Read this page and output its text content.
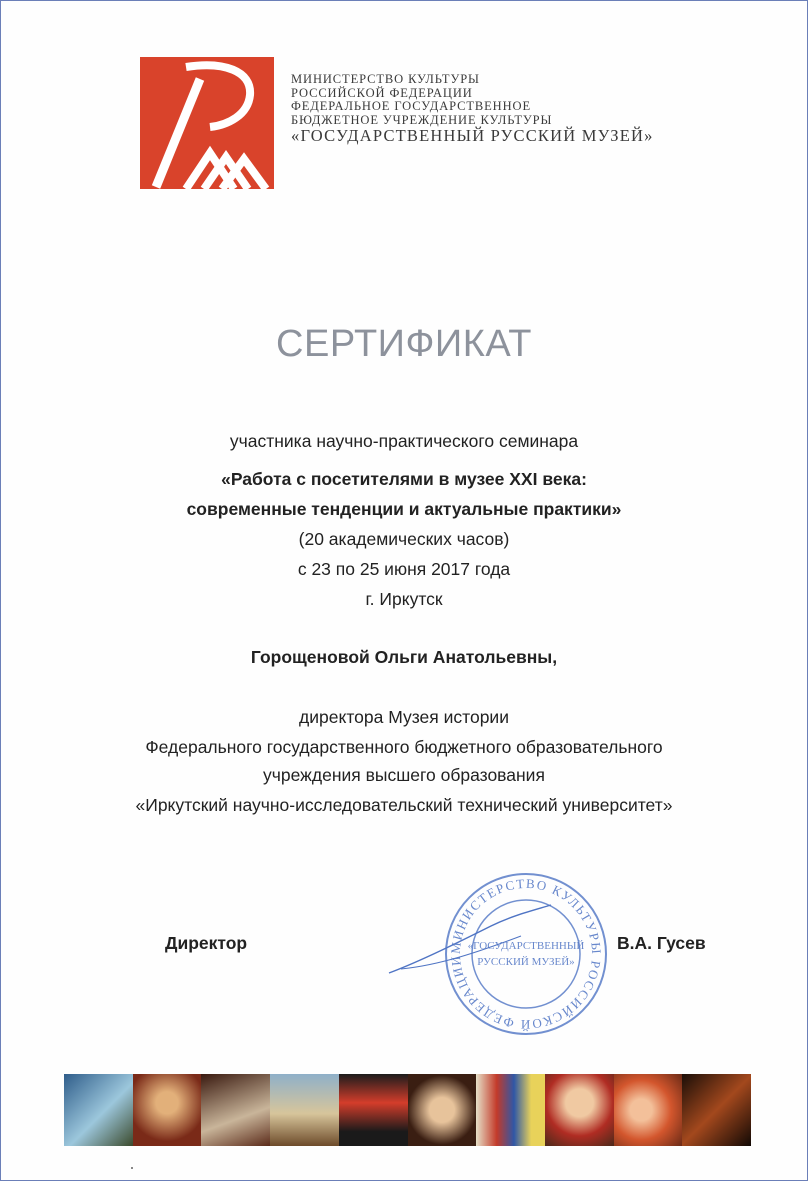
МИНИСТЕРСТВО КУЛЬТУРЫ
РОССИЙСКОЙ ФЕДЕРАЦИИ
ФЕДЕРАЛЬНОЕ ГОСУДАРСТВЕННОЕ
БЮДЖЕТНОЕ УЧРЕЖДЕНИЕ КУЛЬТУРЫ
«ГОСУДАРСТВЕННЫЙ РУССКИЙ МУЗЕЙ»
СЕРТИФИКАТ
участника научно-практического семинара
«Работа с посетителями в музее XXI века:
современные тенденции и актуальные практики»
(20 академических часов)
с 23 по 25 июня 2017 года
г. Иркутск
Горощеновой Ольги Анатольевны,
директора Музея истории
Федерального государственного бюджетного образовательного
учреждения высшего образования
«Иркутский научно-исследовательский технический университет»
Директор	В.А. Гусев
МИНИСТЕРСТВО КУЛЬТУРЫ РОССИЙСКОЙ ФЕДЕРАЦИИ
«ГОСУДАРСТВЕННЫЙ
РУССКИЙ МУЗЕЙ»
